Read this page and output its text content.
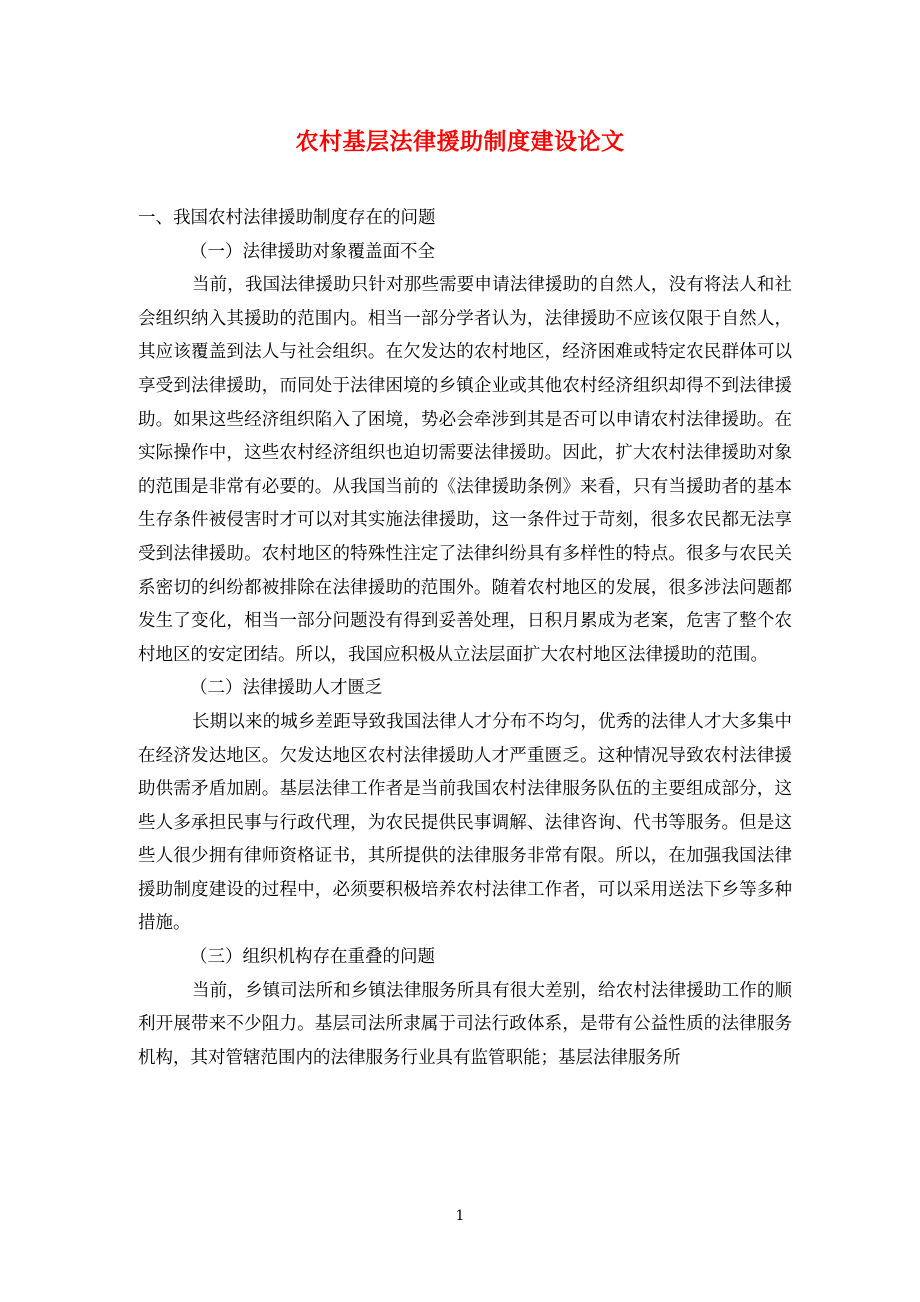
农村基层法律援助制度建设论文

一、我国农村法律援助制度存在的问题

（一）法律援助对象覆盖面不全

当前，我国法律援助只针对那些需要申请法律援助的自然人，没有将法人和社会组织纳入其援助的范围内。相当一部分学者认为，法律援助不应该仅限于自然人，其应该覆盖到法人与社会组织。在欠发达的农村地区，经济困难或特定农民群体可以享受到法律援助，而同处于法律困境的乡镇企业或其他农村经济组织却得不到法律援助。如果这些经济组织陷入了困境，势必会牵涉到其是否可以申请农村法律援助。在实际操作中，这些农村经济组织也迫切需要法律援助。因此，扩大农村法律援助对象的范围是非常有必要的。从我国当前的《法律援助条例》来看，只有当援助者的基本生存条件被侵害时才可以对其实施法律援助，这一条件过于苛刻，很多农民都无法享受到法律援助。农村地区的特殊性注定了法律纠纷具有多样性的特点。很多与农民关系密切的纠纷都被排除在法律援助的范围外。随着农村地区的发展，很多涉法问题都发生了变化，相当一部分问题没有得到妥善处理，日积月累成为老案，危害了整个农村地区的安定团结。所以，我国应积极从立法层面扩大农村地区法律援助的范围。

（二）法律援助人才匮乏

长期以来的城乡差距导致我国法律人才分布不均匀，优秀的法律人才大多集中在经济发达地区。欠发达地区农村法律援助人才严重匮乏。这种情况导致农村法律援助供需矛盾加剧。基层法律工作者是当前我国农村法律服务队伍的主要组成部分，这些人多承担民事与行政代理，为农民提供民事调解、法律咨询、代书等服务。但是这些人很少拥有律师资格证书，其所提供的法律服务非常有限。所以，在加强我国法律援助制度建设的过程中，必须要积极培养农村法律工作者，可以采用送法下乡等多种措施。

（三）组织机构存在重叠的问题

当前，乡镇司法所和乡镇法律服务所具有很大差别，给农村法律援助工作的顺利开展带来不少阻力。基层司法所隶属于司法行政体系，是带有公益性质的法律服务机构，其对管辖范围内的法律服务行业具有监管职能；基层法律服务所

1
